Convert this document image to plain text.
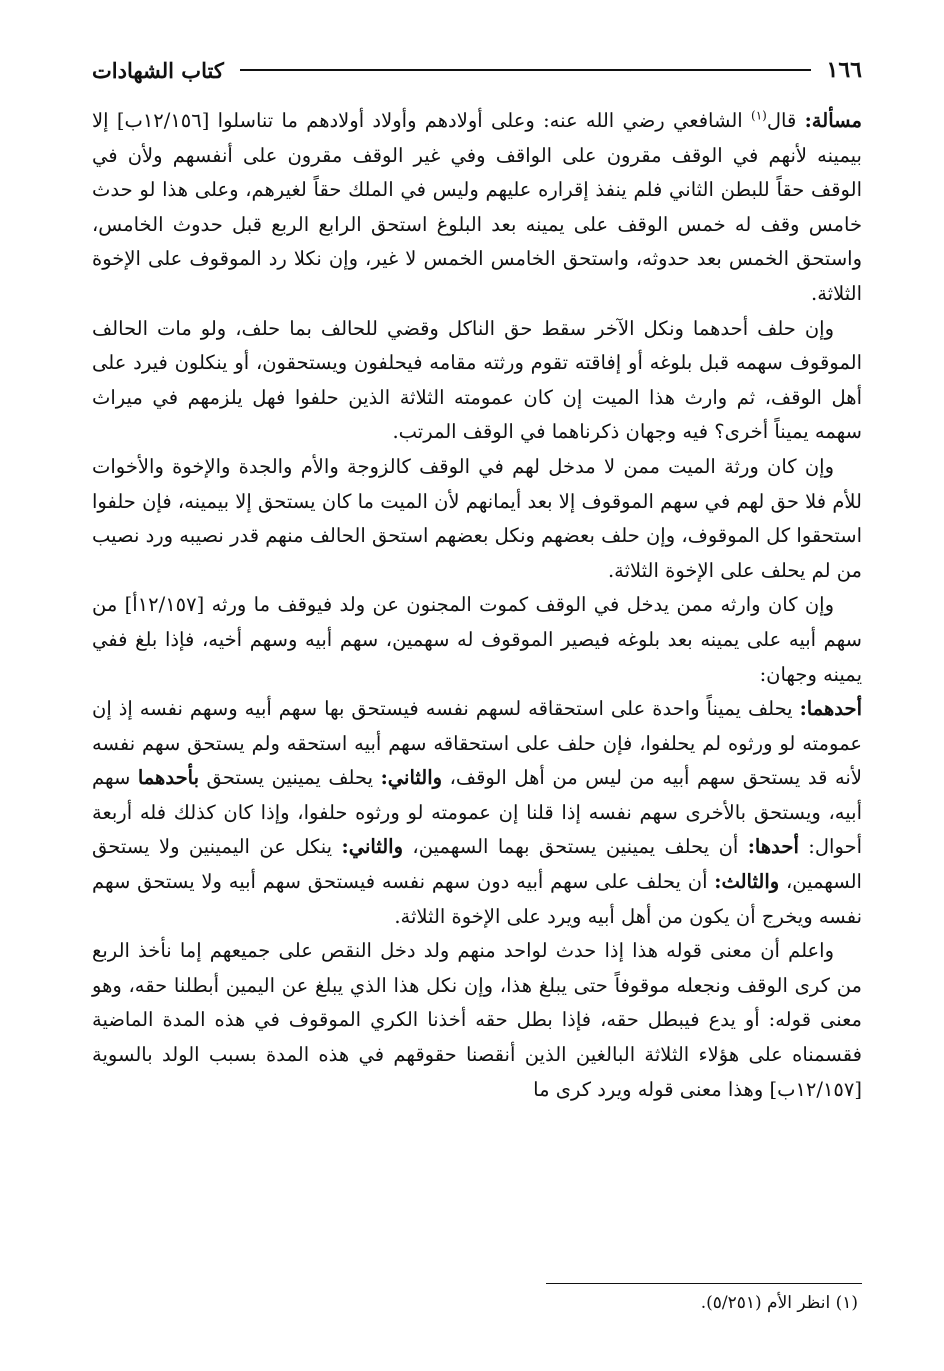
١٦٦
كتاب الشهادات

مسألة: قال$^{(١)}$ الشافعي رضي الله عنه: وعلى أولادهم وأولاد أولادهم ما تناسلوا [١٢/١٥٦ب] إلا بيمينه لأنهم في الوقف مقرون على الواقف وفي غير الوقف مقرون على أنفسهم ولأن في الوقف حقاً للبطن الثاني فلم ينفذ إقراره عليهم وليس في الملك حقاً لغيرهم، وعلى هذا لو حدث خامس وقف له خمس الوقف على يمينه بعد البلوغ استحق الرابع الربع قبل حدوث الخامس، واستحق الخمس بعد حدوثه، واستحق الخامس الخمس لا غير، وإن نكلا رد الموقوف على الإخوة الثلاثة.

وإن حلف أحدهما ونكل الآخر سقط حق الناكل وقضي للحالف بما حلف، ولو مات الحالف الموقوف سهمه قبل بلوغه أو إفاقته تقوم ورثته مقامه فيحلفون ويستحقون، أو ينكلون فيرد على أهل الوقف، ثم وارث هذا الميت إن كان عمومته الثلاثة الذين حلفوا فهل يلزمهم في ميراث سهمه يميناً أخرى؟ فيه وجهان ذكرناهما في الوقف المرتب.

وإن كان ورثة الميت ممن لا مدخل لهم في الوقف كالزوجة والأم والجدة والإخوة والأخوات للأم فلا حق لهم في سهم الموقوف إلا بعد أيمانهم لأن الميت ما كان يستحق إلا بيمينه، فإن حلفوا استحقوا كل الموقوف، وإن حلف بعضهم ونكل بعضهم استحق الحالف منهم قدر نصيبه ورد نصيب من لم يحلف على الإخوة الثلاثة.

وإن كان وارثه ممن يدخل في الوقف كموت المجنون عن ولد فيوقف ما ورثه [١٢/١٥٧أ] من سهم أبيه على يمينه بعد بلوغه فيصير الموقوف له سهمين، سهم أبيه وسهم أخيه، فإذا بلغ ففي يمينه وجهان:

أحدهما: يحلف يميناً واحدة على استحقاقه لسهم نفسه فيستحق بها سهم أبيه وسهم نفسه إذ إن عمومته لو ورثوه لم يحلفوا، فإن حلف على استحقاقه سهم أبيه استحقه ولم يستحق سهم نفسه لأنه قد يستحق سهم أبيه من ليس من أهل الوقف، والثاني: يحلف يمينين يستحق بأحدهما سهم أبيه، ويستحق بالأخرى سهم نفسه إذا قلنا إن عمومته لو ورثوه حلفوا، وإذا كان كذلك فله أربعة أحوال: أحدها: أن يحلف يمينين يستحق بهما السهمين، والثاني: ينكل عن اليمينين ولا يستحق السهمين، والثالث: أن يحلف على سهم أبيه دون سهم نفسه فيستحق سهم أبيه ولا يستحق سهم نفسه ويخرج أن يكون من أهل أبيه ويرد على الإخوة الثلاثة.

واعلم أن معنى قوله هذا إذا حدث لواحد منهم ولد دخل النقص على جميعهم إما نأخذ الربع من كرى الوقف ونجعله موقوفاً حتى يبلغ هذا، وإن نكل هذا الذي يبلغ عن اليمين أبطلنا حقه، وهو معنى قوله: أو يدع فيبطل حقه، فإذا بطل حقه أخذنا الكري الموقوف في هذه المدة الماضية فقسمناه على هؤلاء الثلاثة البالغين الذين أنقصنا حقوقهم في هذه المدة بسبب الولد بالسوية [١٢/١٥٧ب] وهذا معنى قوله ويرد كرى ما

(١) انظر الأم (٥/٢٥١).
